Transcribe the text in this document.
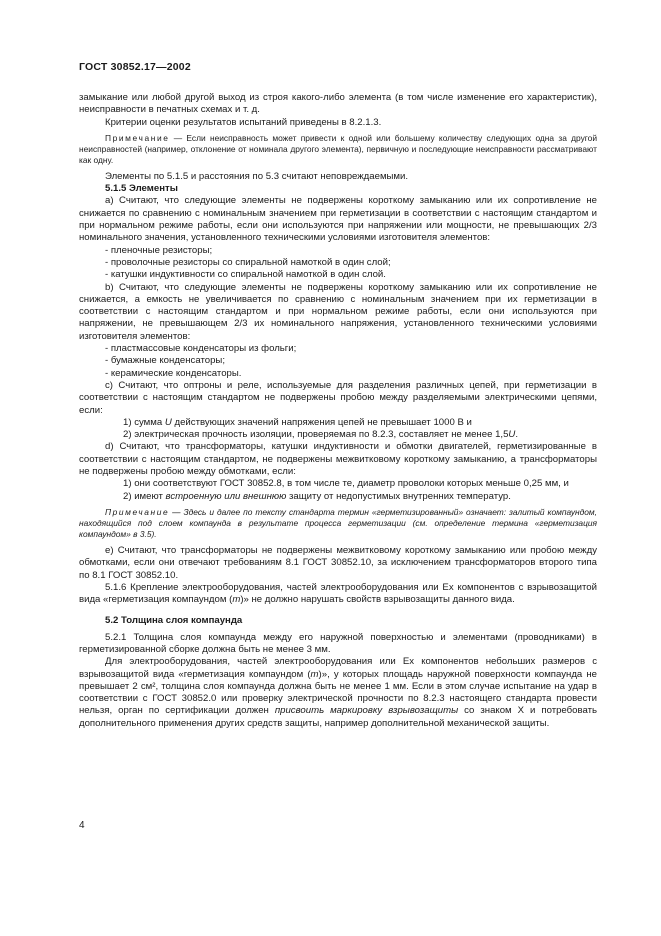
ГОСТ 30852.17—2002

замыкание или любой другой выход из строя какого-либо элемента (в том числе изменение его характеристик), неисправности в печатных схемах и т. д.

Критерии оценки результатов испытаний приведены в 8.2.1.3.

Примечание — Если неисправность может привести к одной или большему количеству следующих одна за другой неисправностей (например, отклонение от номинала другого элемента), первичную и последующие неисправности рассматривают как одну.

Элементы по 5.1.5 и расстояния по 5.3 считают неповреждаемыми.

5.1.5 Элементы

a) Считают, что следующие элементы не подвержены короткому замыканию или их сопротивление не снижается по сравнению с номинальным значением при герметизации в соответствии с настоящим стандартом и при нормальном режиме работы, если они используются при напряжении или мощности, не превышающих 2/3 номинального значения, установленного техническими условиями изготовителя элементов:

- пленочные резисторы;

- проволочные резисторы со спиральной намоткой в один слой;

- катушки индуктивности со спиральной намоткой в один слой.

b) Считают, что следующие элементы не подвержены короткому замыканию или их сопротивление не снижается, а емкость не увеличивается по сравнению с номинальным значением при их герметизации в соответствии с настоящим стандартом и при нормальном режиме работы, если они используются при напряжении, не превышающем 2/3 их номинального напряжения, установленного техническими условиями изготовителя элементов:

- пластмассовые конденсаторы из фольги;

- бумажные конденсаторы;

- керамические конденсаторы.

c) Считают, что оптроны и реле, используемые для разделения различных цепей, при герметизации в соответствии с настоящим стандартом не подвержены пробою между разделяемыми электрическими цепями, если:

1) сумма U действующих значений напряжения цепей не превышает 1000 В и

2) электрическая прочность изоляции, проверяемая по 8.2.3, составляет не менее 1,5U.

d) Считают, что трансформаторы, катушки индуктивности и обмотки двигателей, герметизированные в соответствии с настоящим стандартом, не подвержены межвитковому короткому замыканию, а трансформаторы не подвержены пробою между обмотками, если:

1) они соответствуют ГОСТ 30852.8, в том числе те, диаметр проволоки которых меньше 0,25 мм, и

2) имеют встроенную или внешнюю защиту от недопустимых внутренних температур.

Примечание — Здесь и далее по тексту стандарта термин «герметизированный» означает: залитый компаундом, находящийся под слоем компаунда в результате процесса герметизации (см. определение термина «герметизация компаундом» в 3.5).

e) Считают, что трансформаторы не подвержены межвитковому короткому замыканию или пробою между обмотками, если они отвечают требованиям 8.1 ГОСТ 30852.10, за исключением трансформаторов второго типа по 8.1 ГОСТ 30852.10.

5.1.6 Крепление электрооборудования, частей электрооборудования или Ex компонентов с взрывозащитой вида «герметизация компаундом (m)» не должно нарушать свойств взрывозащиты данного вида.

5.2 Толщина слоя компаунда

5.2.1 Толщина слоя компаунда между его наружной поверхностью и элементами (проводниками) в герметизированной сборке должна быть не менее 3 мм.

Для электрооборудования, частей электрооборудования или Ex компонентов небольших размеров с взрывозащитой вида «герметизация компаундом (m)», у которых площадь наружной поверхности компаунда не превышает 2 см², толщина слоя компаунда должна быть не менее 1 мм. Если в этом случае испытание на удар в соответствии с ГОСТ 30852.0 или проверку электрической прочности по 8.2.3 настоящего стандарта провести нельзя, орган по сертификации должен присвоить маркировку взрывозащиты со знаком X и потребовать дополнительного применения других средств защиты, например дополнительной механической защиты.

4
